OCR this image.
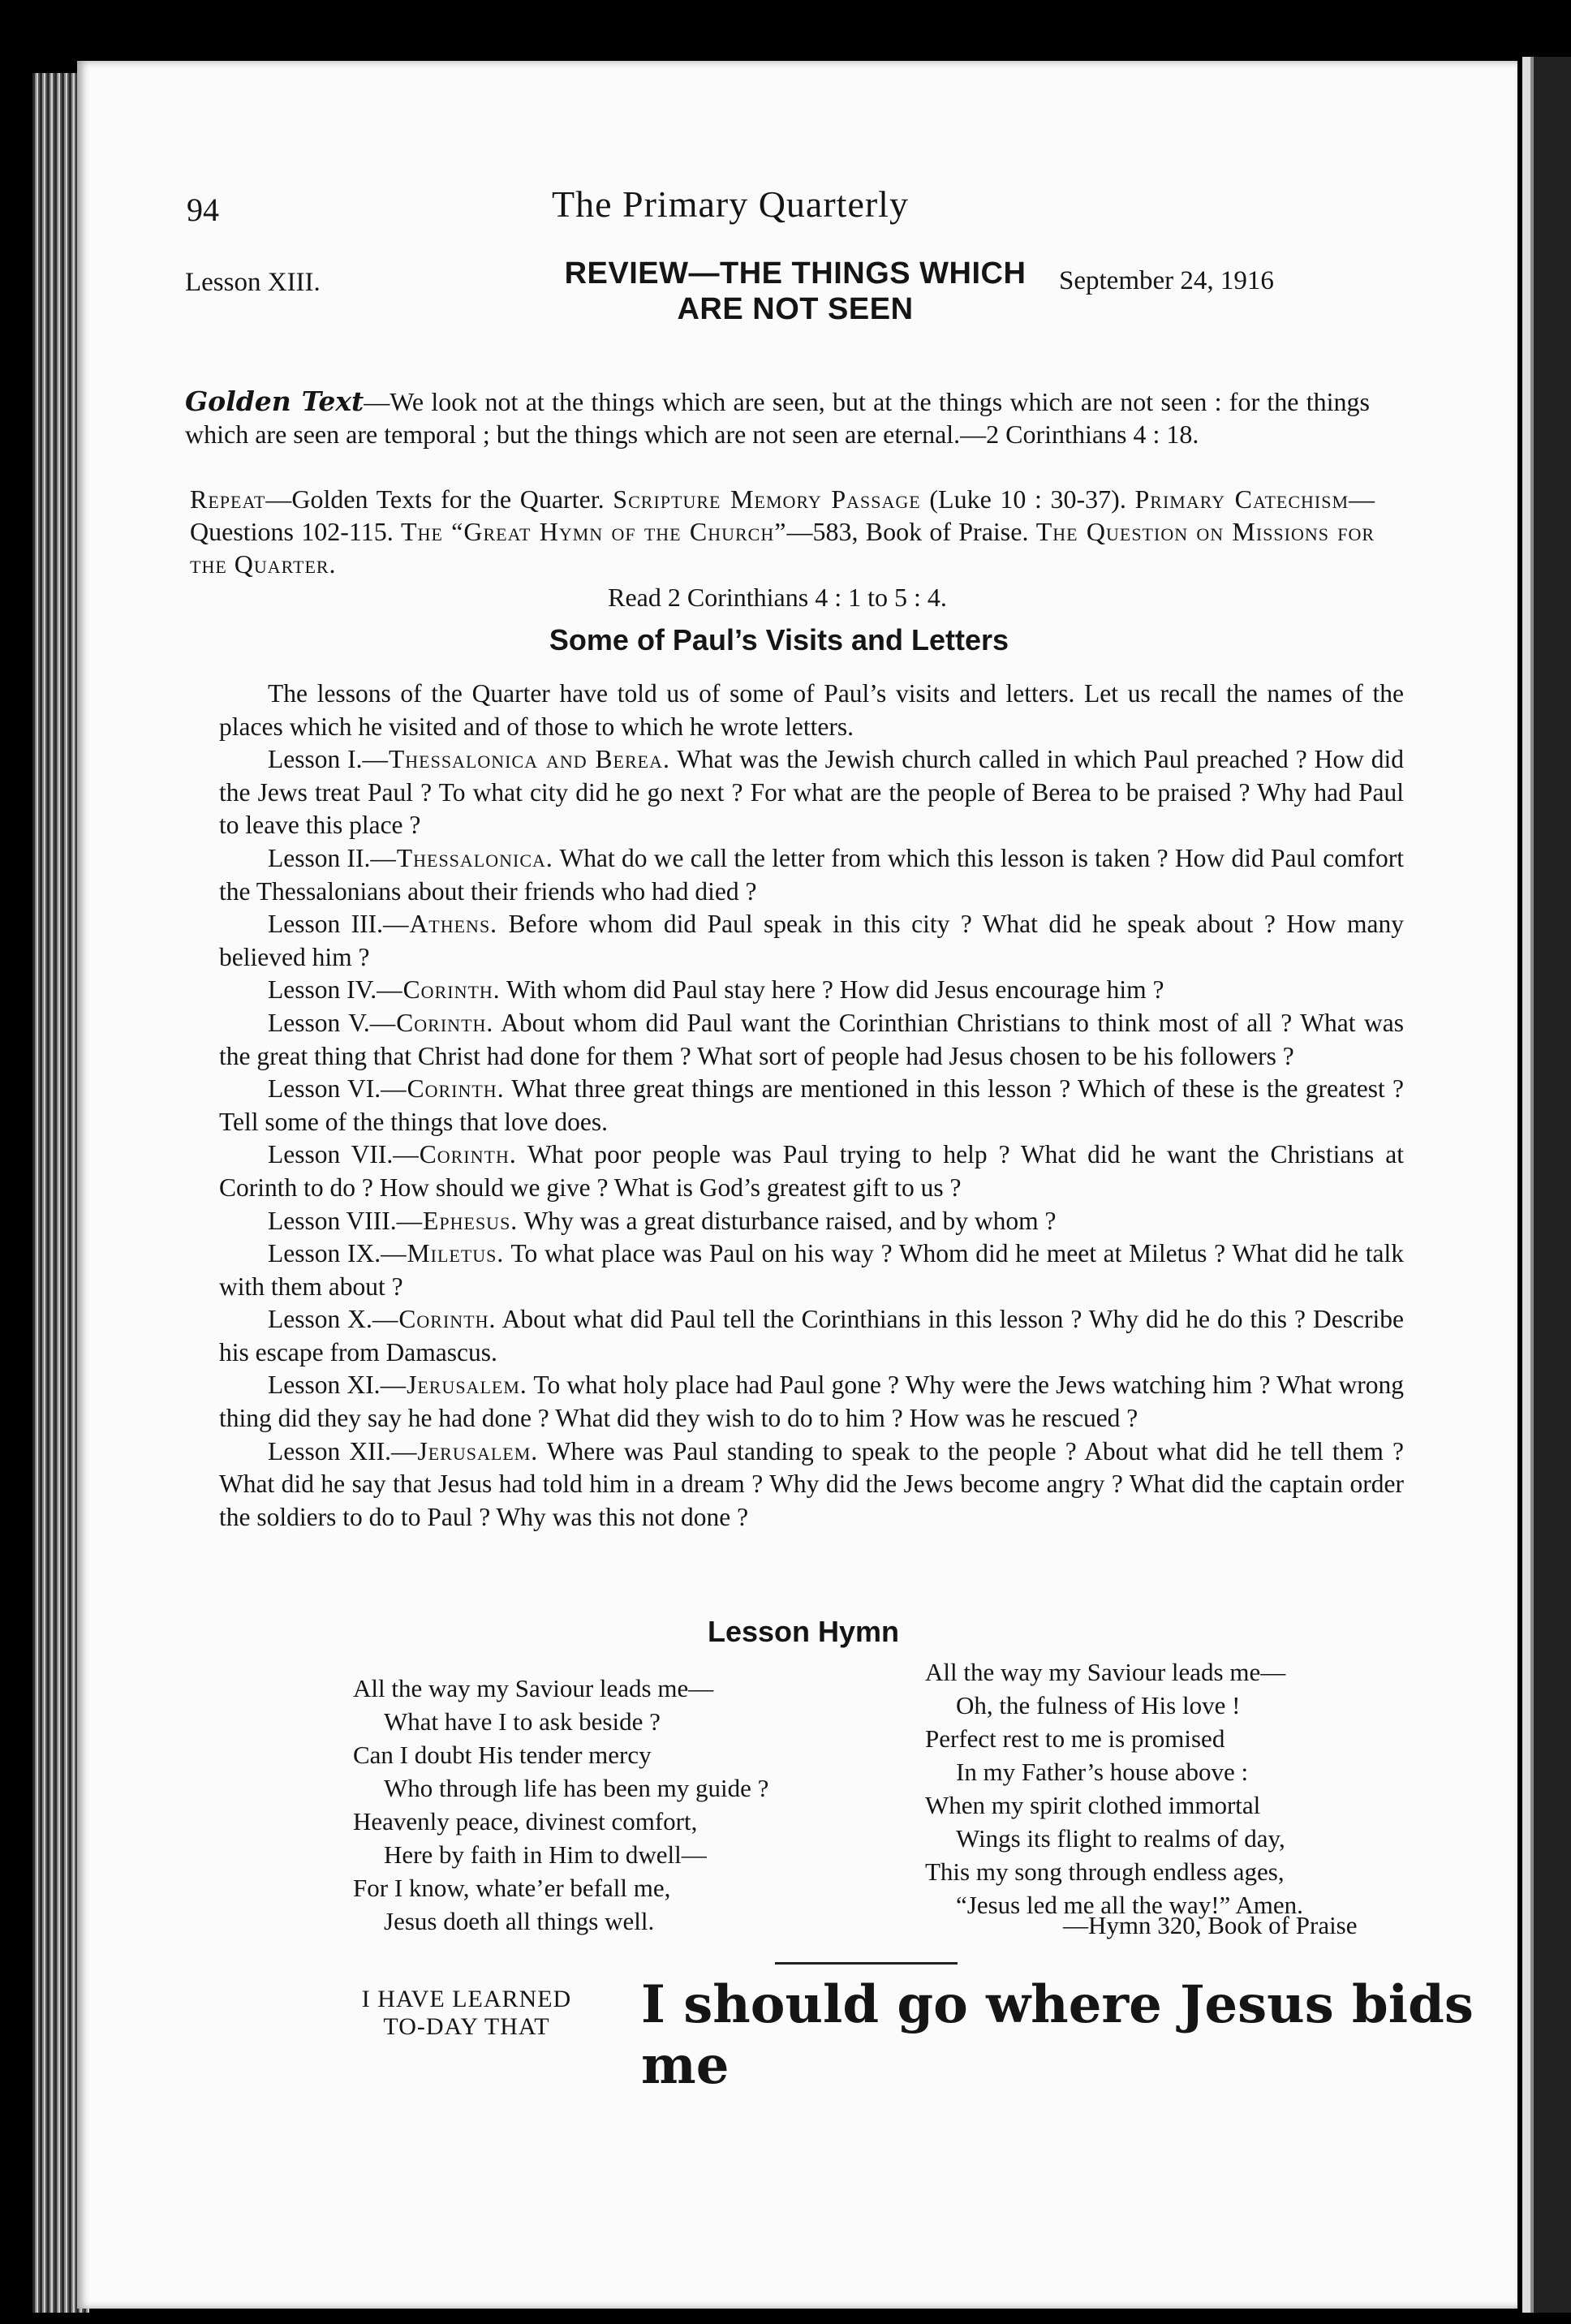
94	The Primary Quarterly
Lesson XIII.	REVIEW—THE THINGS WHICH
ARE NOT SEEN
September 24, 1916
Golden Text—We look not at the things which are seen, but at the things which are not seen : for the things which are seen are temporal ; but the things which are not seen are eternal.—2 Corinthians 4 : 18.
Repeat—Golden Texts for the Quarter. Scripture Memory Passage (Luke 10 : 30-37). Primary Catechism—Questions 102-115. The “Great Hymn of the Church”—583, Book of Praise. The Question on Missions for the Quarter.
Read 2 Corinthians 4 : 1 to 5 : 4.
Some of Paul’s Visits and Letters

The lessons of the Quarter have told us of some of Paul’s visits and letters. Let us recall the names of the places which he visited and of those to which he wrote letters.

Lesson I.—Thessalonica and Berea. What was the Jewish church called in which Paul preached ? How did the Jews treat Paul ? To what city did he go next ? For what are the people of Berea to be praised ? Why had Paul to leave this place ?

Lesson II.—Thessalonica. What do we call the letter from which this lesson is taken ? How did Paul comfort the Thessalonians about their friends who had died ?

Lesson III.—Athens. Before whom did Paul speak in this city ? What did he speak about ? How many believed him ?

Lesson IV.—Corinth. With whom did Paul stay here ? How did Jesus encourage him ?

Lesson V.—Corinth. About whom did Paul want the Corinthian Christians to think most of all ? What was the great thing that Christ had done for them ? What sort of people had Jesus chosen to be his followers ?

Lesson VI.—Corinth. What three great things are mentioned in this lesson ? Which of these is the greatest ? Tell some of the things that love does.

Lesson VII.—Corinth. What poor people was Paul trying to help ? What did he want the Christians at Corinth to do ? How should we give ? What is God’s greatest gift to us ?

Lesson VIII.—Ephesus. Why was a great disturbance raised, and by whom ?

Lesson IX.—Miletus. To what place was Paul on his way ? Whom did he meet at Miletus ? What did he talk with them about ?

Lesson X.—Corinth. About what did Paul tell the Corinthians in this lesson ? Why did he do this ? Describe his escape from Damascus.

Lesson XI.—Jerusalem. To what holy place had Paul gone ? Why were the Jews watching him ? What wrong thing did they say he had done ? What did they wish to do to him ? How was he rescued ?

Lesson XII.—Jerusalem. Where was Paul standing to speak to the people ? About what did he tell them ? What did he say that Jesus had told him in a dream ? Why did the Jews become angry ? What did the captain order the soldiers to do to Paul ? Why was this not done ?

Lesson Hymn
All the way my Saviour leads me—
What have I to ask beside ?
Can I doubt His tender mercy
Who through life has been my guide ?
Heavenly peace, divinest comfort,
Here by faith in Him to dwell—
For I know, whate’er befall me,
Jesus doeth all things well.
All the way my Saviour leads me—
Oh, the fulness of His love !
Perfect rest to me is promised
In my Father’s house above :
When my spirit clothed immortal
Wings its flight to realms of day,
This my song through endless ages,
“Jesus led me all the way!” Amen.
—Hymn 320, Book of Praise
I HAVE LEARNED
TO-DAY THAT	I should go where Jesus bids me
